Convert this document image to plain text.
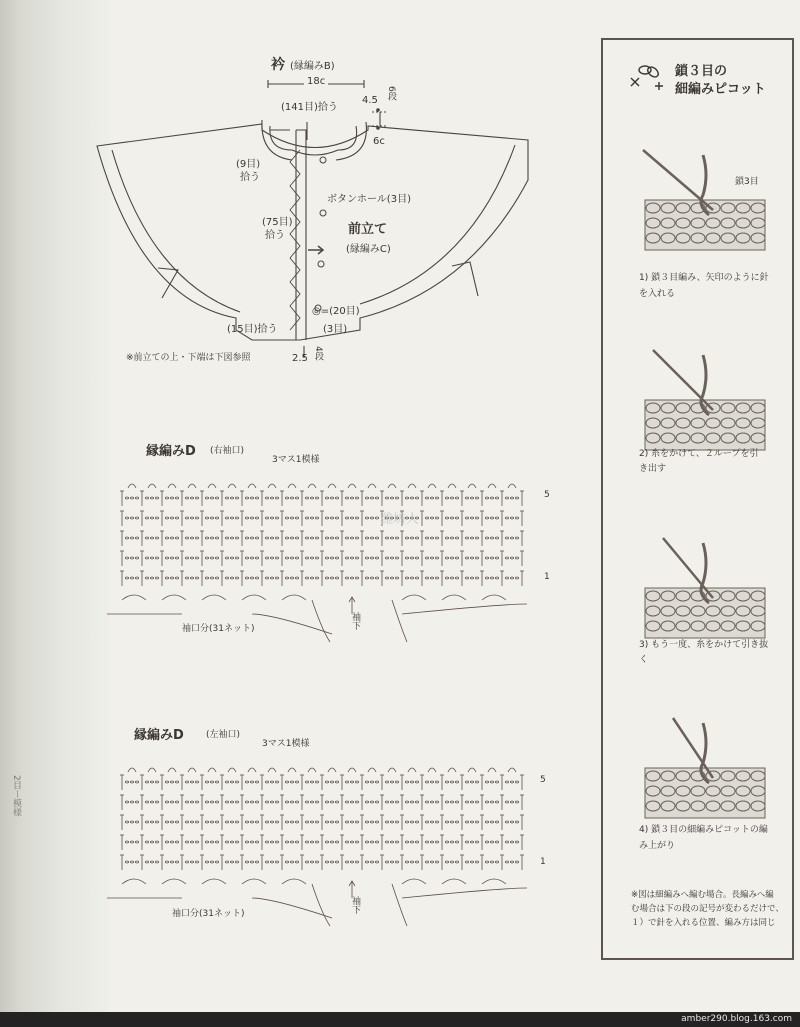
衿 (縁編みB)
18c
(141目)拾う
4.5 6段
6c
(9目)
拾う
ボタンホール(3目)
(75目)
拾う	前立て
(縁編みC)
◎=(20目)
(15目)拾う	(3目)
2.5 4段
※前立ての上・下端は下図参照
縁編みD (右袖口)
3マス1模様
5
1
袖下
袖口分(31ネット)
縁編みD (左袖口)
3マス1模様
5
1
袖下
袖口分(31ネット)
潍坊人
2目ー模様
鎖３目の
細編みピコット
鎖3目
1) 鎖３目編み、矢印のように針
を入れる
2) 糸をかけて、２ループを引
き出す
3) もう一度、糸をかけて引き抜
く
4) 鎖３目の細編みピコットの編
み上がり
※図は細編みへ編む場合。長編みへ編
む場合は下の段の記号が変わるだけで、
１）で針を入れる位置、編み方は同じ
amber290.blog.163.com
